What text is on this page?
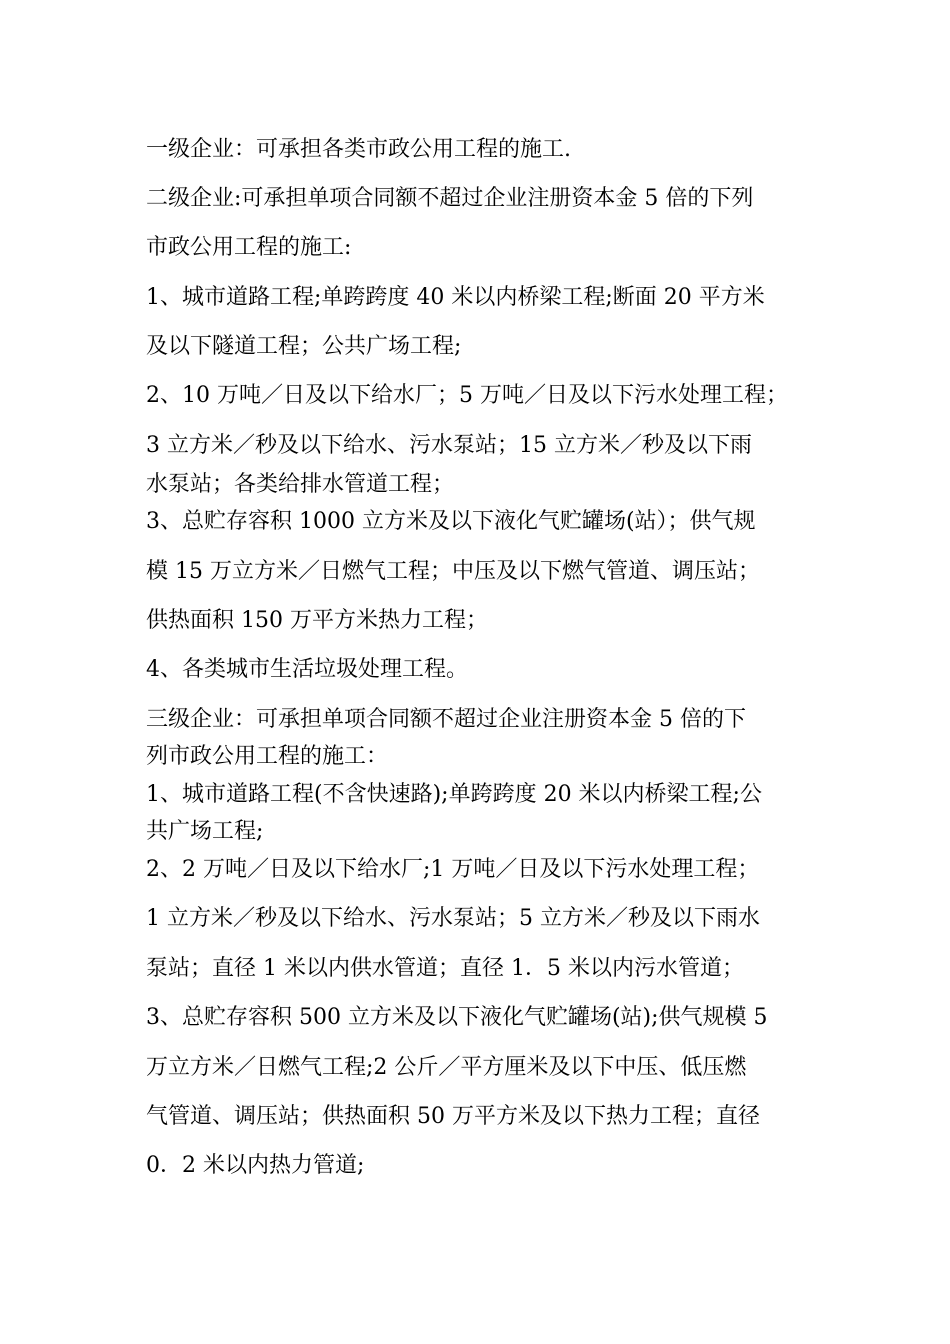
一级企业：可承担各类市政公用工程的施工.
二级企业:可承担单项合同额不超过企业注册资本金 5 倍的下列
市政公用工程的施工:
1、城市道路工程;单跨跨度 40 米以内桥梁工程;断面 20 平方米
及以下隧道工程；公共广场工程;
2、10 万吨／日及以下给水厂；5 万吨／日及以下污水处理工程；
3 立方米／秒及以下给水、污水泵站；15 立方米／秒及以下雨
水泵站；各类给排水管道工程；
3、总贮存容积 1000 立方米及以下液化气贮罐场(站）；供气规
模 15 万立方米／日燃气工程；中压及以下燃气管道、调压站；
供热面积 150 万平方米热力工程；
4、各类城市生活垃圾处理工程。
三级企业：可承担单项合同额不超过企业注册资本金 5 倍的下
列市政公用工程的施工：
1、城市道路工程(不含快速路);单跨跨度 20 米以内桥梁工程;公
共广场工程;
2、2 万吨／日及以下给水厂;1 万吨／日及以下污水处理工程；
1 立方米／秒及以下给水、污水泵站；5 立方米／秒及以下雨水
泵站；直径 1 米以内供水管道；直径 1．5 米以内污水管道；
3、总贮存容积 500 立方米及以下液化气贮罐场(站);供气规模 5
万立方米／日燃气工程;2 公斤／平方厘米及以下中压、低压燃
气管道、调压站；供热面积 50 万平方米及以下热力工程；直径
0．2 米以内热力管道;
